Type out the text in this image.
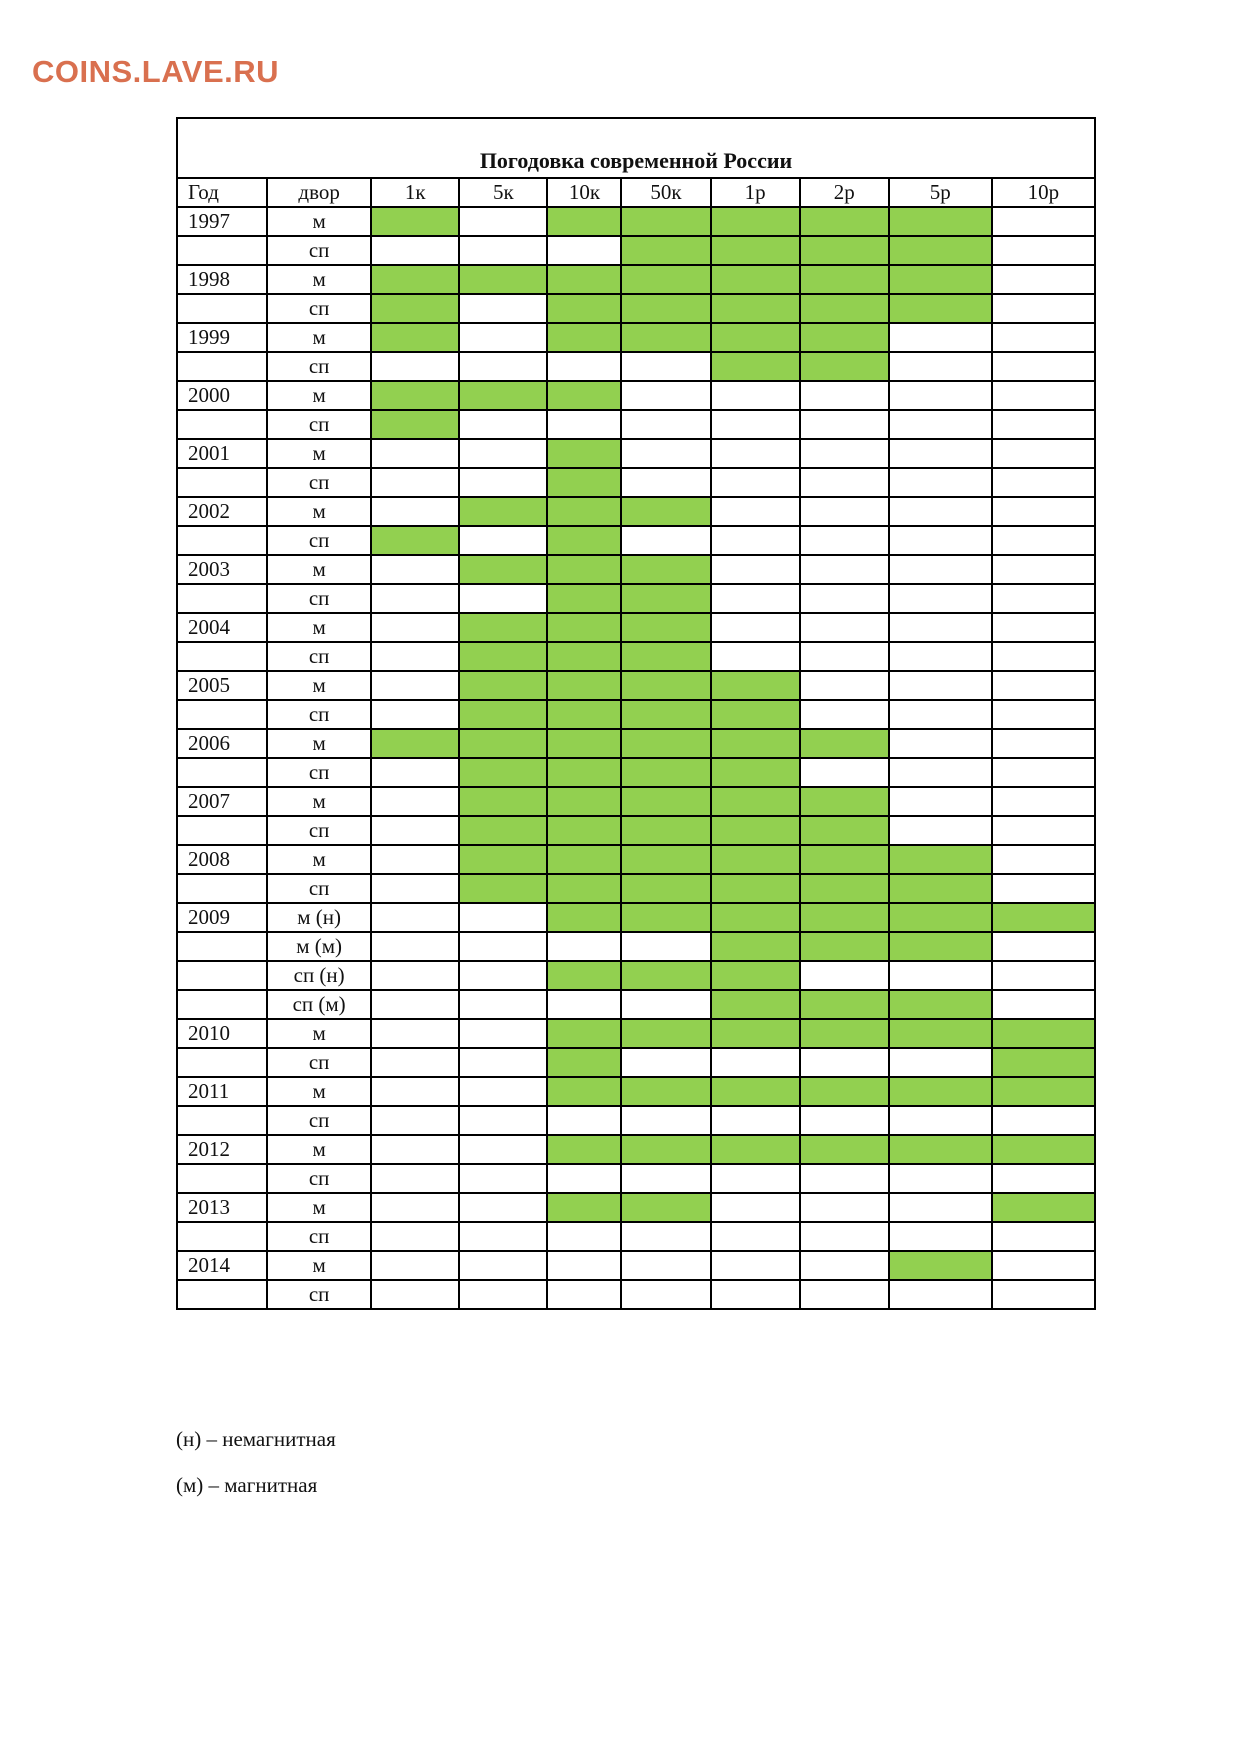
COINS.LAVE.RU
Погодовка современной России
Год	двор	1к	5к	10к	50к	1р	2р	5р	10р
1997	м								
	сп								
1998	м								
	сп								
1999	м								
	сп								
2000	м								
	сп								
2001	м								
	сп								
2002	м								
	сп								
2003	м								
	сп								
2004	м								
	сп								
2005	м								
	сп								
2006	м								
	сп								
2007	м								
	сп								
2008	м								
	сп								
2009	м (н)								
	м (м)								
	сп (н)								
	сп (м)								
2010	м								
	сп								
2011	м								
	сп								
2012	м								
	сп								
2013	м								
	сп								
2014	м								
	сп								

(н) – немагнитная

(м) – магнитная
